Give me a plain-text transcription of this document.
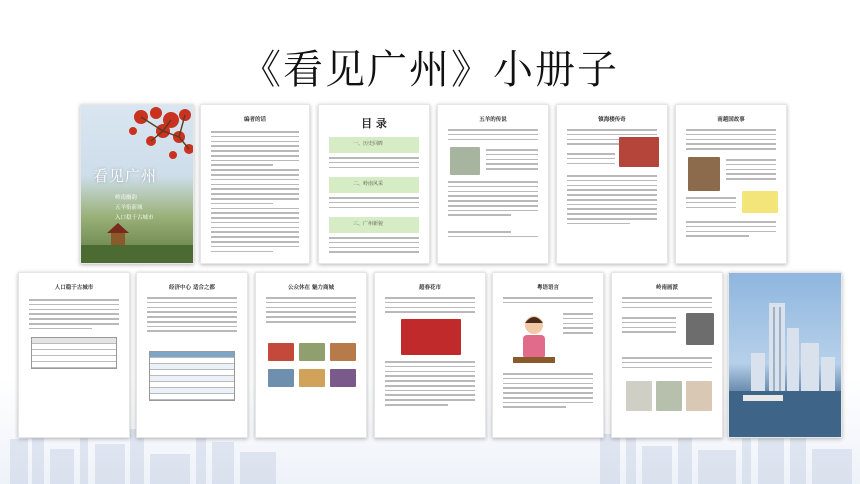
《看见广州》小册子
看见广州
岭南幽韵
五羊衔新城
入口稳于古城市
编者的话	目 录
一、历史回眸
二、岭南风采
三、广州新貌
五羊的传说	镇海楼传奇	南越国故事
人口稳于古城市	经济中心 适合之都	公众休在 魅力商城	超春花市	粤语语言	岭南画派
